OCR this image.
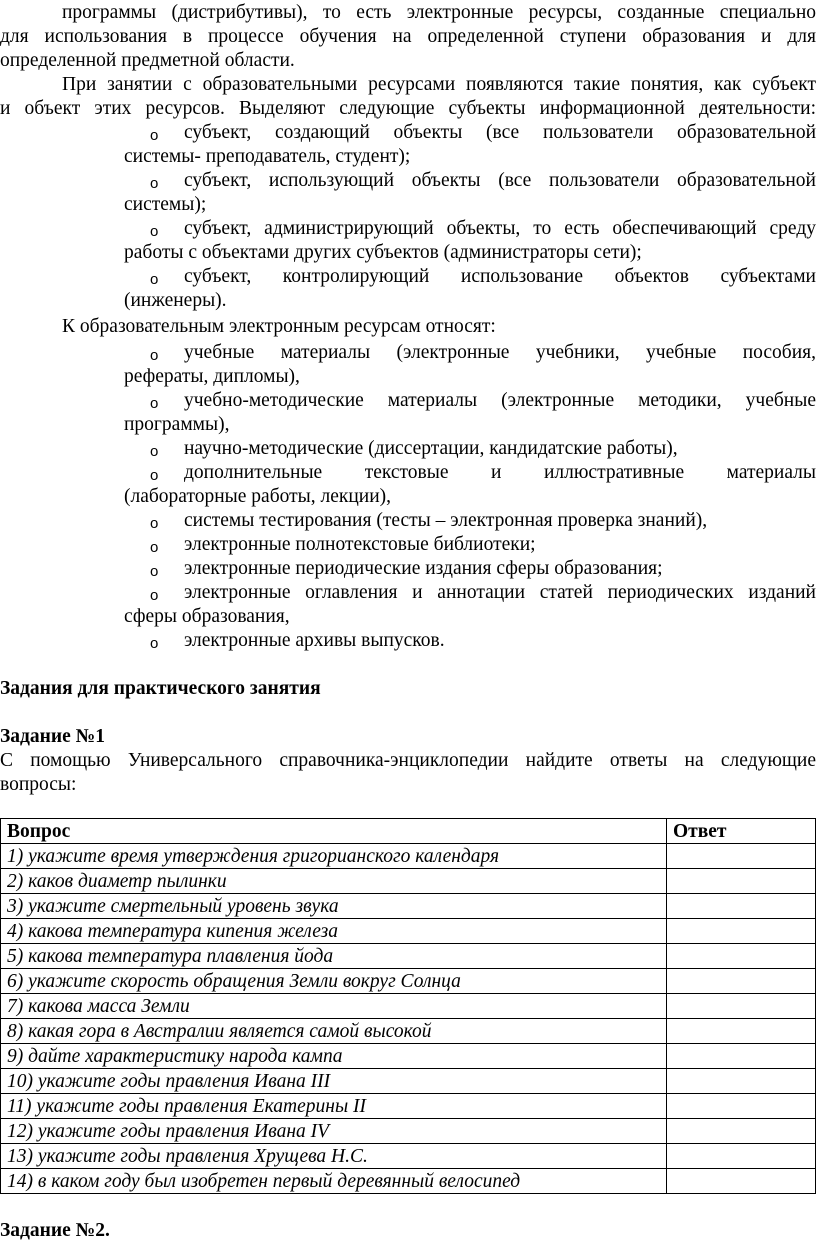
программы (дистрибутивы), то есть электронные ресурсы, созданные специально
для использования в процессе обучения на определенной ступени образования и для
определенной предметной области.
При занятии с образовательными ресурсами появляются такие понятия, как субъект
и объект этих ресурсов. Выделяют следующие субъекты информационной деятельности:
o субъект, создающий объекты (все пользователи образовательной
системы- преподаватель, студент);
o субъект, использующий объекты (все пользователи образовательной
системы);
o субъект, администрирующий объекты, то есть обеспечивающий среду
работы с объектами других субъектов (администраторы сети);
o субъект, контролирующий использование объектов субъектами
(инженеры).
К образовательным электронным ресурсам относят:
o учебные материалы (электронные учебники, учебные пособия,
рефераты, дипломы),
o учебно-методические материалы (электронные методики, учебные
программы),
o научно-методические (диссертации, кандидатские работы),
o дополнительные текстовые и иллюстративные материалы
(лабораторные работы, лекции),
o системы тестирования (тесты – электронная проверка знаний),
o электронные полнотекстовые библиотеки;
o электронные периодические издания сферы образования;
o электронные оглавления и аннотации статей периодических изданий
сферы образования,
o электронные архивы выпусков.
Задания для практического занятия
Задание №1
С помощью Универсального справочника-энциклопедии найдите ответы на следующие
вопросы:
Вопрос	Ответ
1) укажите время утверждения григорианского календаря	
2) каков диаметр пылинки	
3) укажите смертельный уровень звука	
4) какова температура кипения железа	
5) какова температура плавления йода	
6) укажите скорость обращения Земли вокруг Солнца	
7) какова масса Земли	
8) какая гора в Австралии является самой высокой	
9) дайте характеристику народа кампа	
10) укажите годы правления Ивана III	
11) укажите годы правления Екатерины II	
12) укажите годы правления Ивана IV	
13) укажите годы правления Хрущева Н.С.	
14) в каком году был изобретен первый деревянный велосипед	
Задание №2.
